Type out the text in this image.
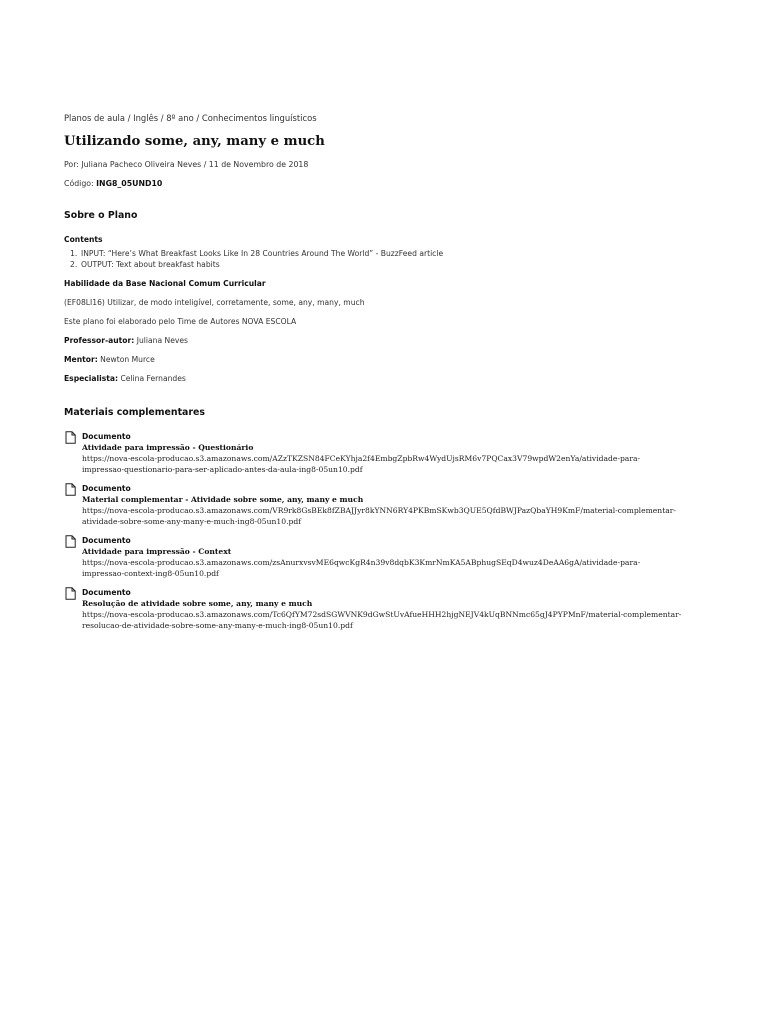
Planos de aula / Inglês / 8º ano / Conhecimentos linguísticos
Utilizando some, any, many e much
Por: Juliana Pacheco Oliveira Neves / 11 de Novembro de 2018
Código: ING8_05UND10
Sobre o Plano
Contents
1. INPUT: “Here’s What Breakfast Looks Like In 28 Countries Around The World” - BuzzFeed article
2. OUTPUT: Text about breakfast habits
Habilidade da Base Nacional Comum Curricular
(EF08LI16) Utilizar, de modo inteligível, corretamente, some, any, many, much
Este plano foi elaborado pelo Time de Autores NOVA ESCOLA
Professor-autor: Juliana Neves
Mentor: Newton Murce
Especialista: Celina Fernandes
Materiais complementares
Documento
Atividade para impressão - Questionário
https://nova-escola-producao.s3.amazonaws.com/AZzTKZSN84FCeKYhja2f4EmbgZpbRw4WydUjsRM6v7PQCax3V79wpdW2enYa/atividade-para-
impressao-questionario-para-ser-aplicado-antes-da-aula-ing8-05un10.pdf
Documento
Material complementar - Atividade sobre some, any, many e much
https://nova-escola-producao.s3.amazonaws.com/VR9rk8GsBEk8fZBAJJyr8kYNN6RY4PKBmSKwb3QUE5QfdBWJPazQbaYH9KmF/material-complementar-
atividade-sobre-some-any-many-e-much-ing8-05un10.pdf
Documento
Atividade para impressão - Context
https://nova-escola-producao.s3.amazonaws.com/zsAnurxvsvME6qwcKgR4n39v8dqbK3KmrNmKA5ABphugSEqD4wuz4DeAA6gA/atividade-para-
impressao-context-ing8-05un10.pdf
Documento
Resolução de atividade sobre some, any, many e much
https://nova-escola-producao.s3.amazonaws.com/Tc6QfYM72sdSGWVNK9dGwStUvAfueHHH2hjgNEJV4kUqBNNmc65gJ4PYPMnF/material-complementar-
resolucao-de-atividade-sobre-some-any-many-e-much-ing8-05un10.pdf
